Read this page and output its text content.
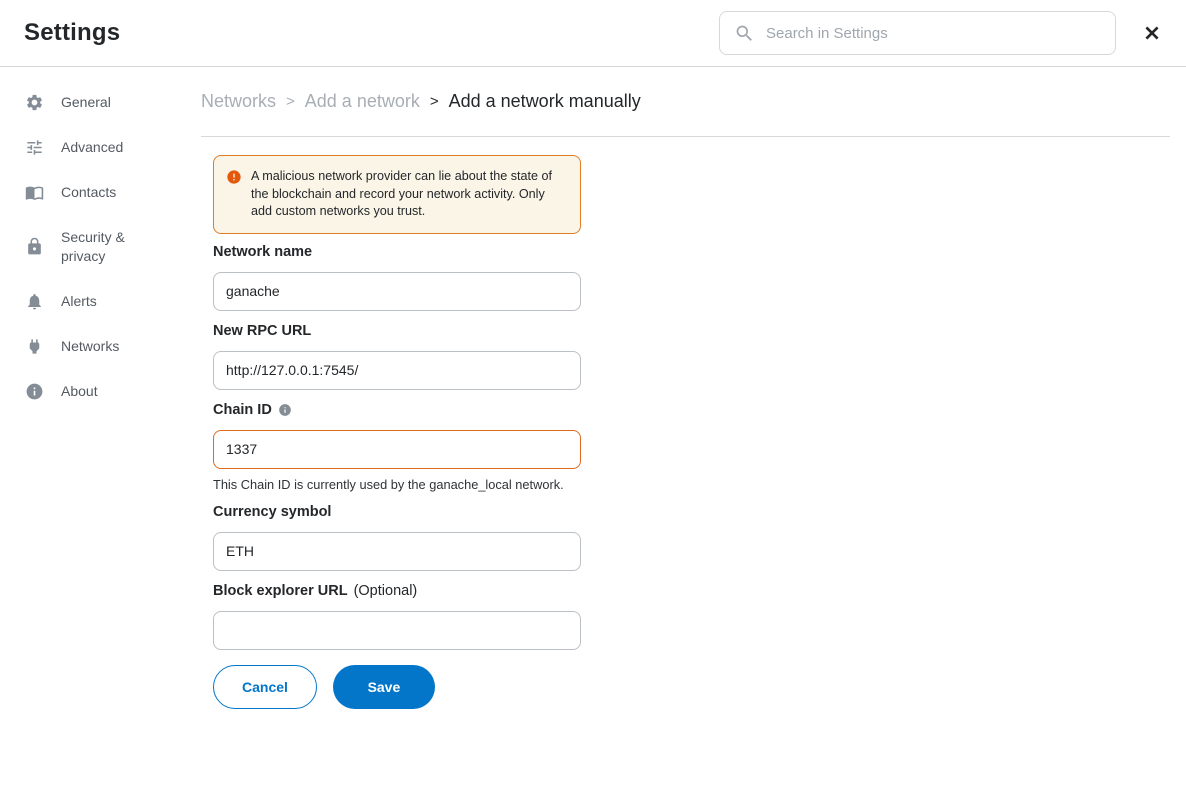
Settings
Search in Settings
General
Advanced
Contacts
Security & privacy
Alerts
Networks
About
Networks > Add a network > Add a network manually
A malicious network provider can lie about the state of the blockchain and record your network activity. Only add custom networks you trust.
Network name
ganache
New RPC URL
http://127.0.0.1:7545/
Chain ID
1337
This Chain ID is currently used by the ganache_local network.
Currency symbol
ETH
Block explorer URL (Optional)
Cancel	Save
